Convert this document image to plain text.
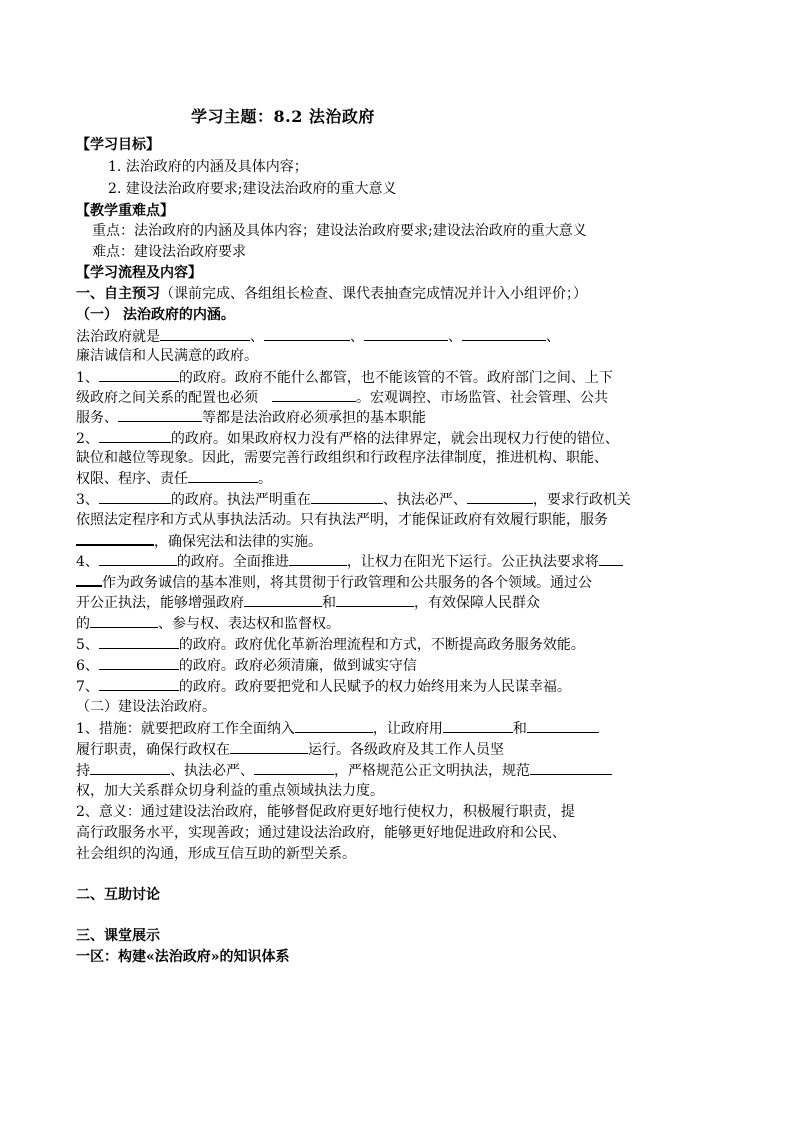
学习主题：8.2 法治政府
【学习目标】
1. 法治政府的内涵及具体内容；
2. 建设法治政府要求;建设法治政府的重大意义
【教学重难点】
重点：法治政府的内涵及具体内容；建设法治政府要求;建设法治政府的重大意义
难点：建设法治政府要求
【学习流程及内容】
一、自主预习（课前完成、各组组长检查、课代表抽查完成情况并计入小组评价；）
（一） 法治政府的内涵。
法治政府就是	、	、	、	、
廉洁诚信和人民满意的政府。
1、	的政府。政府不能什么都管，也不能该管的不管。政府部门之间、上下
级政府之间关系的配置也必须	。宏观调控、市场监管、社会管理、公共
服务、	等都是法治政府必须承担的基本职能
2、	的政府。如果政府权力没有严格的法律界定，就会出现权力行使的错位、
缺位和越位等现象。因此，需要完善行政组织和行政程序法律制度，推进机构、职能、
权限、程序、责任	。
3、	的政府。执法严明重在	、执法必严、	，要求行政机关
依照法定程序和方式从事执法活动。只有执法严明，才能保证政府有效履行职能，服务
，确保宪法和法律的实施。
4、	的政府。全面推进	，让权力在阳光下运行。公正执法要求将
作为政务诚信的基本准则，将其贯彻于行政管理和公共服务的各个领域。通过公
开公正执法，能够增强政府	和	，有效保障人民群众
的	、参与权、表达权和监督权。
5、	的政府。政府优化革新治理流程和方式，不断提高政务服务效能。
6、	的政府。政府必须清廉，做到诚实守信
7、	的政府。政府要把党和人民赋予的权力始终用来为人民谋幸福。
（二）建设法治政府。
1、措施：就要把政府工作全面纳入	，让政府用	和
履行职责，确保行政权在	运行。各级政府及其工作人员坚
持	、执法必严、	，严格规范公正文明执法，规范
权，加大关系群众切身利益的重点领域执法力度。
2、意义：通过建设法治政府，能够督促政府更好地行使权力，积极履行职责，提
高行政服务水平，实现善政；通过建设法治政府，能够更好地促进政府和公民、
社会组织的沟通，形成互信互助的新型关系。
二、互助讨论
三、课堂展示
一区：构建«法治政府»的知识体系
